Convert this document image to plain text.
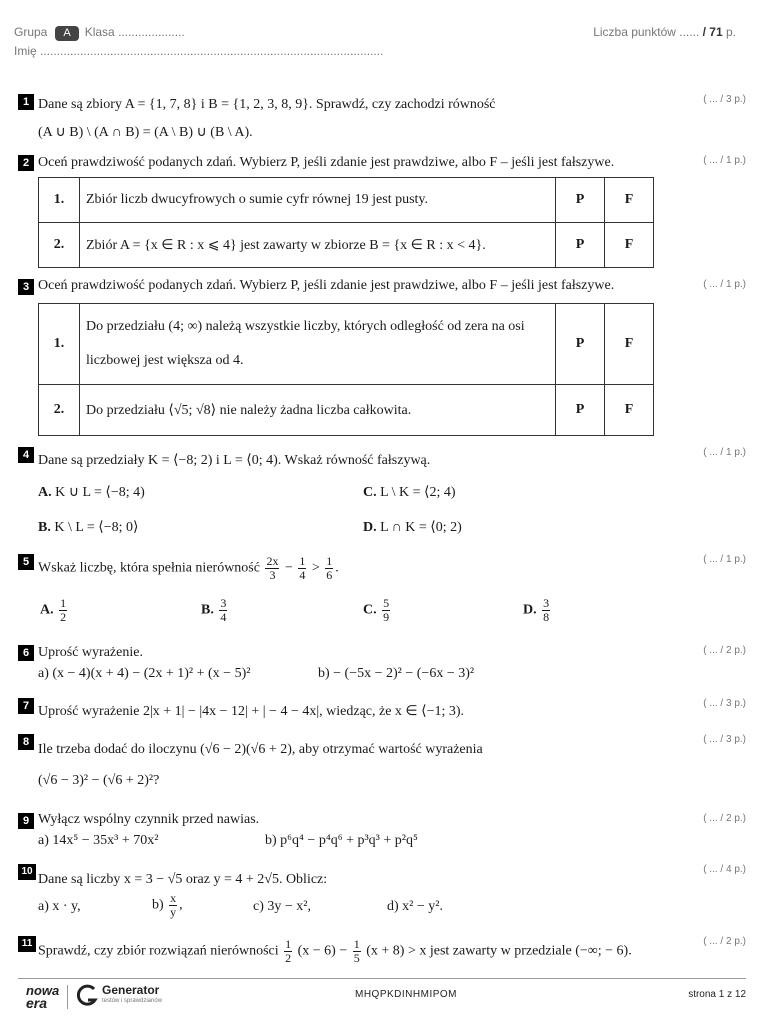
Grupa A Klasa ....................	Liczba punktów ...... / 71 p.
Imię .......................................................................................................
1	( ... / 3 p.)
Dane są zbiory A = {1, 7, 8} i B = {1, 2, 3, 8, 9}. Sprawdź, czy zachodzi równość
(A ∪ B) \ (A ∩ B) = (A \ B) ∪ (B \ A).
2	( ... / 1 p.)
Oceń prawdziwość podanych zdań. Wybierz P, jeśli zdanie jest prawdziwe, albo F – jeśli jest fałszywe.
1.	Zbiór liczb dwucyfrowych o sumie cyfr równej 19 jest pusty.	P	F
2.	Zbiór A = {x ∈ R : x ⩽ 4} jest zawarty w zbiorze B = {x ∈ R : x < 4}.	P	F
3	( ... / 1 p.)
Oceń prawdziwość podanych zdań. Wybierz P, jeśli zdanie jest prawdziwe, albo F – jeśli jest fałszywe.
1.	Do przedziału (4; ∞) należą wszystkie liczby, których odległość od zera na osi
liczbowej jest większa od 4.	P	F
2.	Do przedziału ⟨√5; √8⟩ nie należy żadna liczba całkowita.	P	F
4	( ... / 1 p.)
Dane są przedziały K = ⟨−8; 2) i L = ⟨0; 4). Wskaż równość fałszywą.
A. K ∪ L = ⟨−8; 4)	C. L \ K = ⟨2; 4)
B. K \ L = ⟨−8; 0⟩	D. L ∩ K = ⟨0; 2)
5	( ... / 1 p.)
Wskaż liczbę, która spełnia nierówność $\frac{2x}{3} - \frac{1}{4} > \frac{1}{6}$ .
A. $\frac{1}{2}$	B. $\frac{3}{4}$	C. $\frac{5}{9}$	D. $\frac{3}{8}$
6	( ... / 2 p.)
Uprość wyrażenie.
a) (x − 4)(x + 4) − (2x + 1)² + (x − 5)²	b) − (−5x − 2)² − (−6x − 3)²
7	( ... / 3 p.)
Uprość wyrażenie 2|x + 1| − |4x − 12| + | − 4 − 4x|, wiedząc, że x ∈ ⟨−1; 3).
8	( ... / 3 p.)
Ile trzeba dodać do iloczynu (√6 − 2)(√6 + 2), aby otrzymać wartość wyrażenia
(√6 − 3)² − (√6 + 2)²?
9	( ... / 2 p.)
Wyłącz wspólny czynnik przed nawias.
a) 14x⁵ − 35x³ + 70x²	b) p⁶q⁴ − p⁴q⁶ + p³q³ + p²q⁵
10	( ... / 4 p.)
Dane są liczby x = 3 − √5 oraz y = 4 + 2√5. Oblicz:
a) x · y,	$b) \frac{x}{y}$ ,	c) 3y − x²,	d) x² − y².
11	( ... / 2 p.)
Sprawdź, czy zbiór rozwiązań nierówności $\frac{1}{2} (x - 6) - \frac{1}{5} (x + 8) > x$ jest zawarty w przedziale (−∞; − 6).
nowa
era
Generator
testów i sprawdzianów
MHQPKDINHMIPOM	strona 1 z 12
